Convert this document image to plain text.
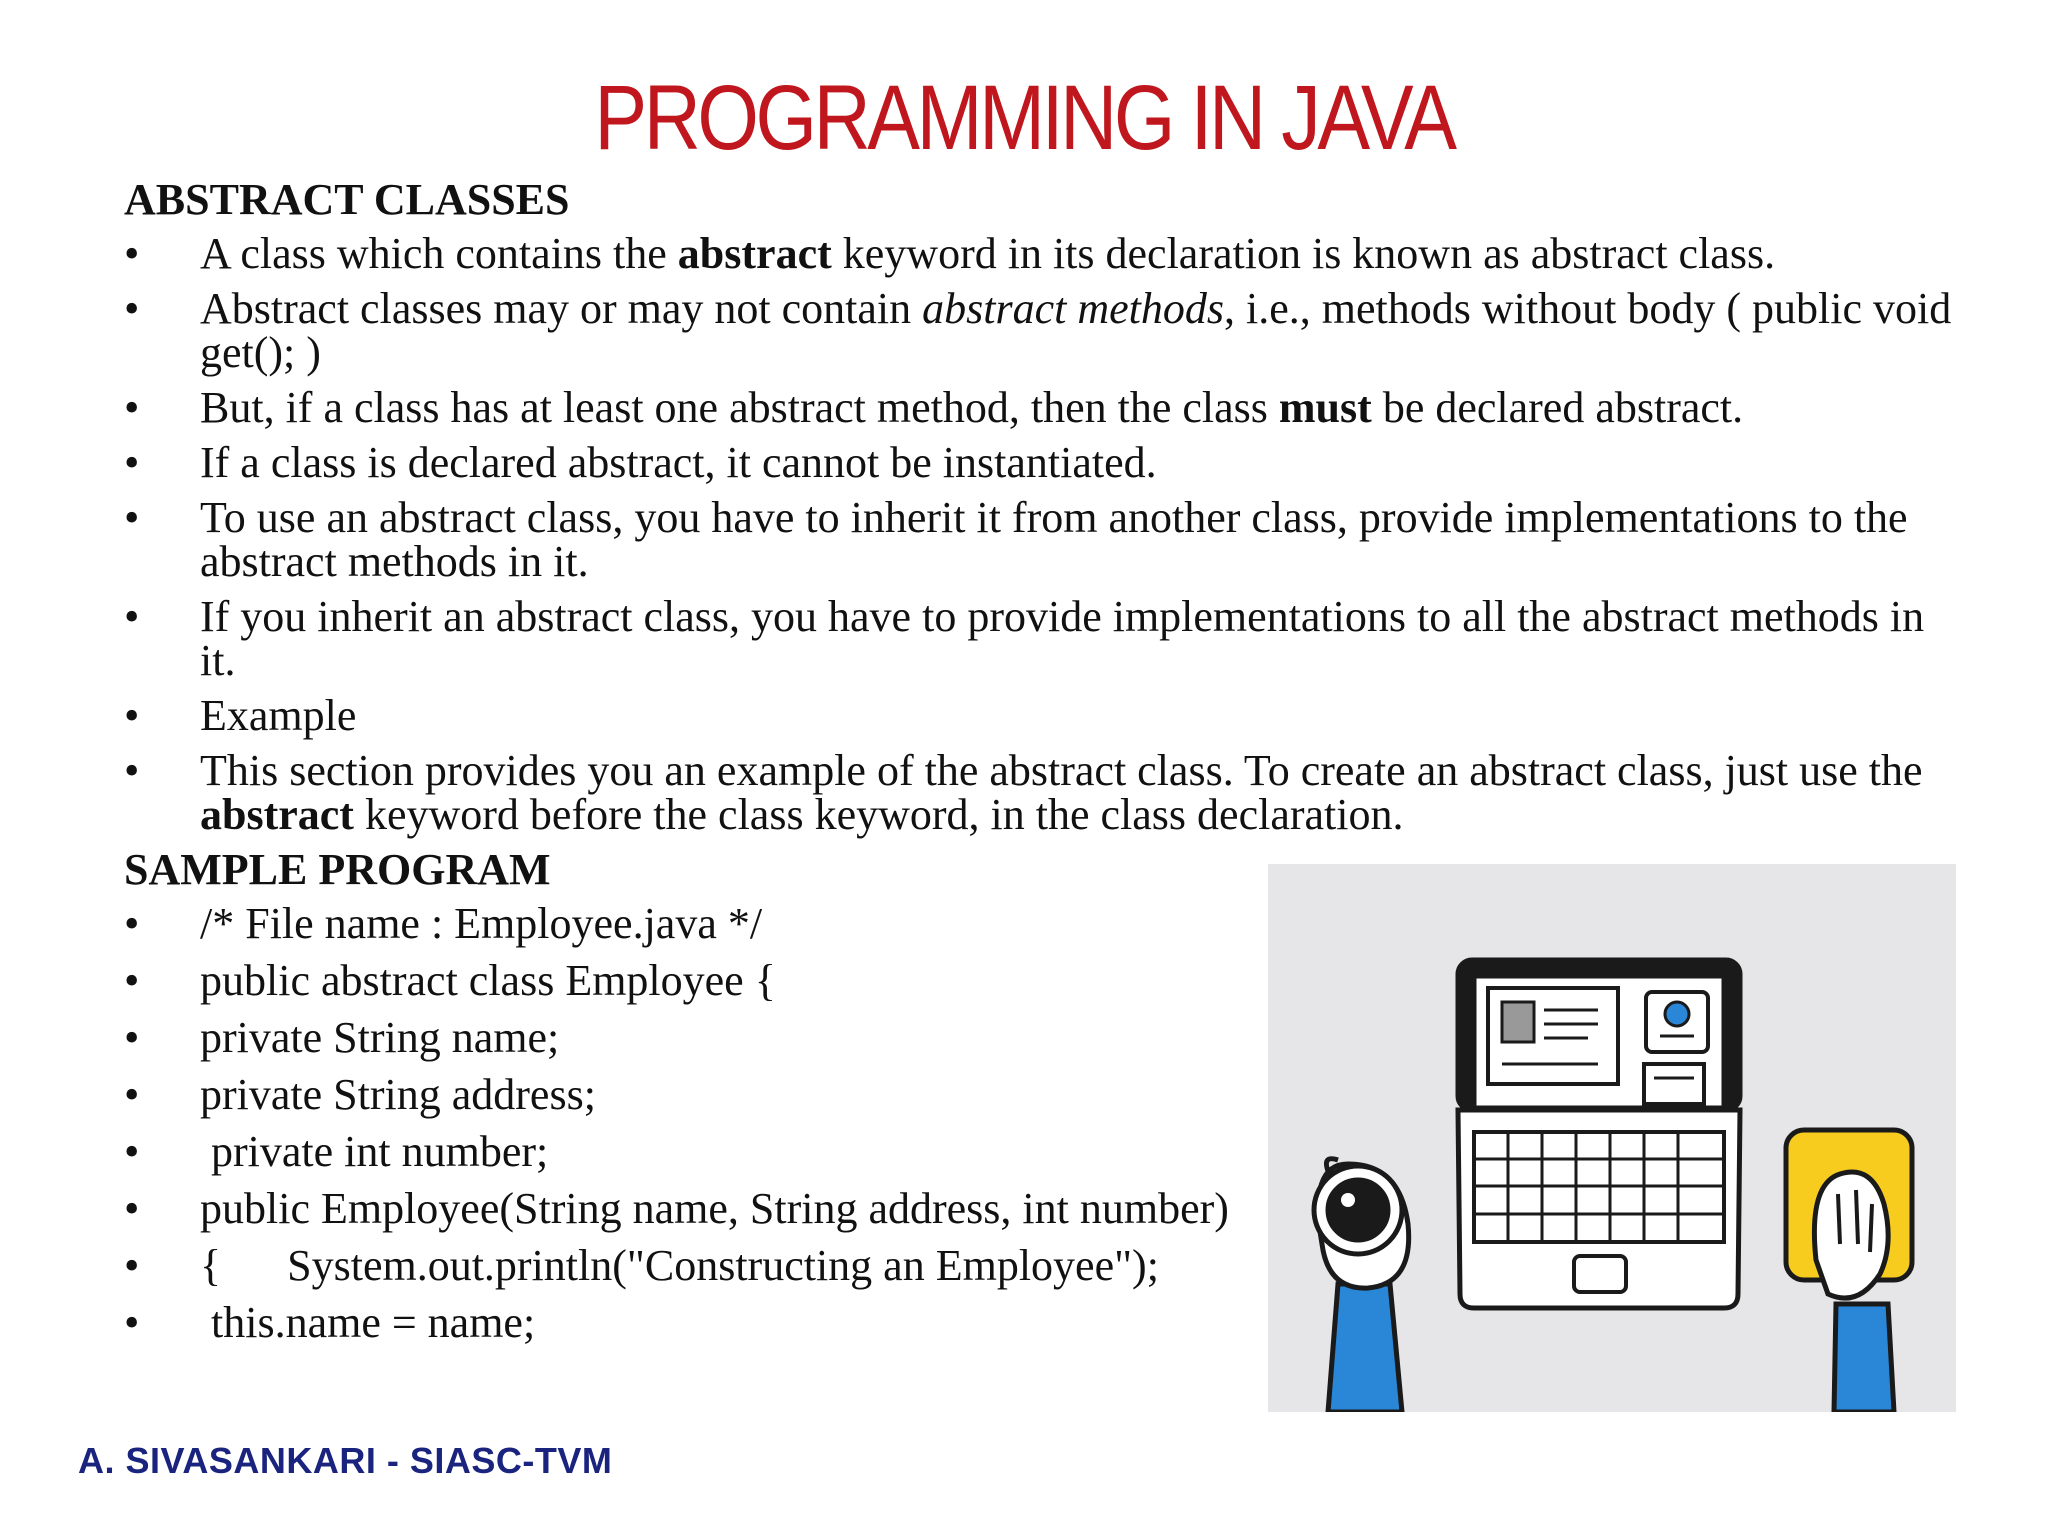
PROGRAMMING IN JAVA
ABSTRACT CLASSES
• A class which contains the abstract keyword in its declaration is known as abstract class.
• Abstract classes may or may not contain abstract methods, i.e., methods without body ( public void get(); )
• But, if a class has at least one abstract method, then the class must be declared abstract.
• If a class is declared abstract, it cannot be instantiated.
• To use an abstract class, you have to inherit it from another class, provide implementations to the abstract methods in it.
• If you inherit an abstract class, you have to provide implementations to all the abstract methods in it.
• Example
• This section provides you an example of the abstract class. To create an abstract class, just use the abstract keyword before the class keyword, in the class declaration.
SAMPLE PROGRAM
• /* File name : Employee.java */
• public abstract class Employee {
• private String name;
• private String address;
• private int number;
• public Employee(String name, String address, int number)
• {      System.out.println("Constructing an Employee");
• this.name = name;
A. SIVASANKARI - SIASC-TVM
